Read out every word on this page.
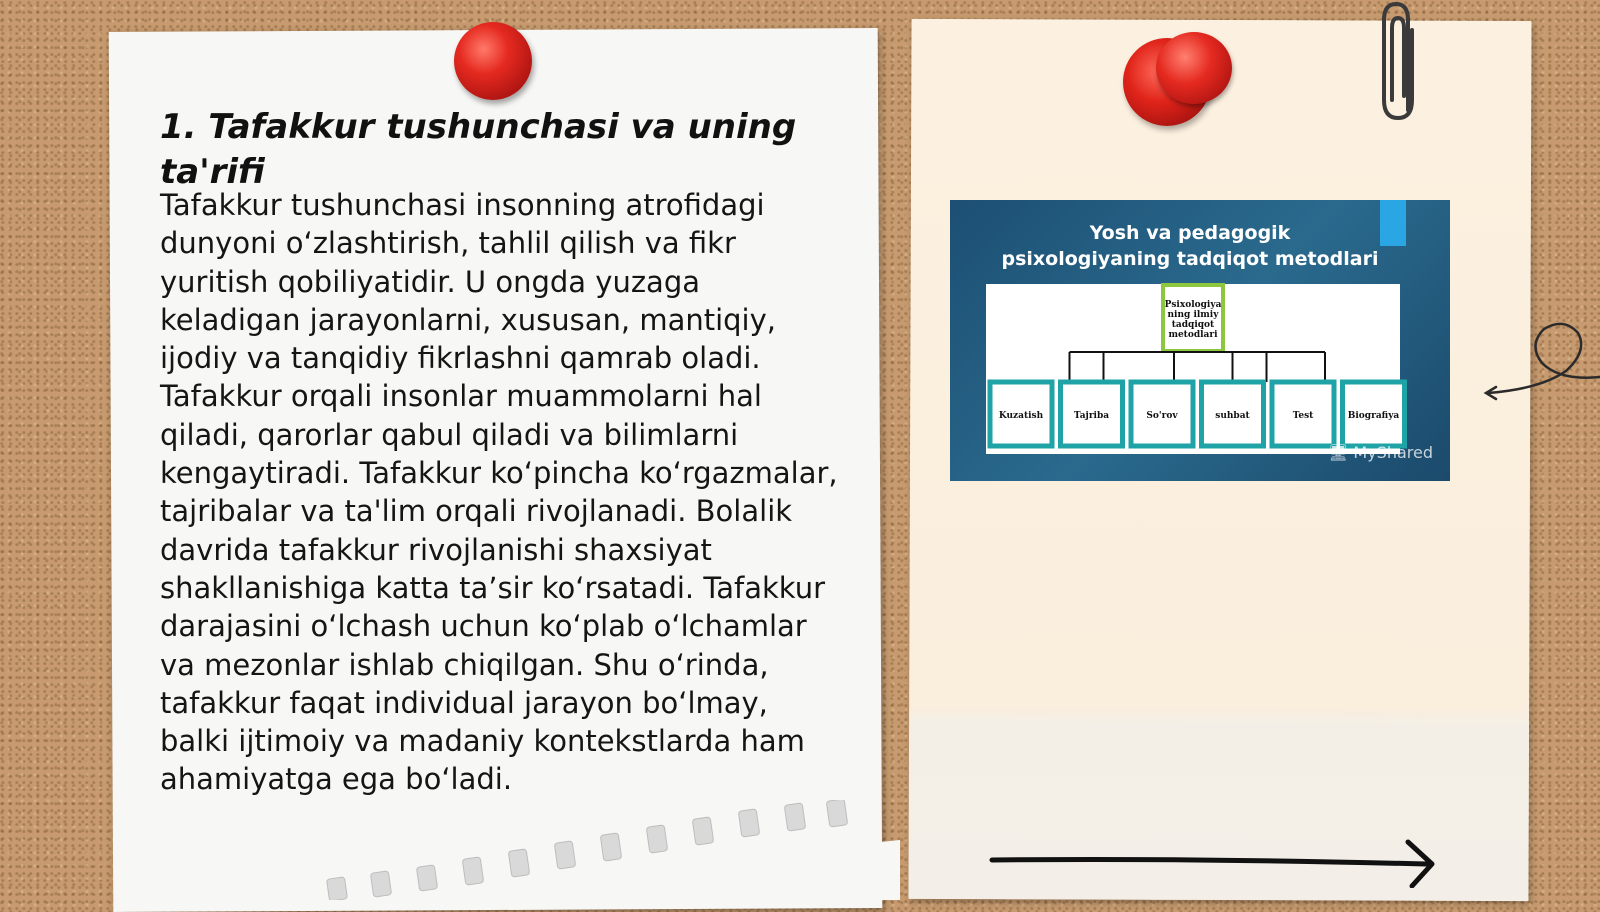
1. Tafakkur tushunchasi va uning ta'rifi

Tafakkur tushunchasi insonning atrofidagi dunyoni o‘zlashtirish, tahlil qilish va fikr yuritish qobiliyatidir. U ongda yuzaga keladigan jarayonlarni, xususan, mantiqiy, ijodiy va tanqidiy fikrlashni qamrab oladi. Tafakkur orqali insonlar muammolarni hal qiladi, qarorlar qabul qiladi va bilimlarni kengaytiradi. Tafakkur ko‘pincha ko‘rgazmalar, tajribalar va ta'lim orqali rivojlanadi. Bolalik davrida tafakkur rivojlanishi shaxsiyat shakllanishiga katta ta’sir ko‘rsatadi. Tafakkur darajasini o‘lchash uchun ko‘plab o‘lchamlar va mezonlar ishlab chiqilgan. Shu o‘rinda, tafakkur faqat individual jarayon bo‘lmay, balki ijtimoiy va madaniy kontekstlarda ham ahamiyatga ega bo‘ladi.

Yosh va pedagogik
psixologiyaning tadqiqot metodlari
Psixologiya
ning ilmiy
tadqiqot
metodlari
Kuzatish	Tajriba	So'rov	suhbat	Test	Biografiya
🖥 MyShared
